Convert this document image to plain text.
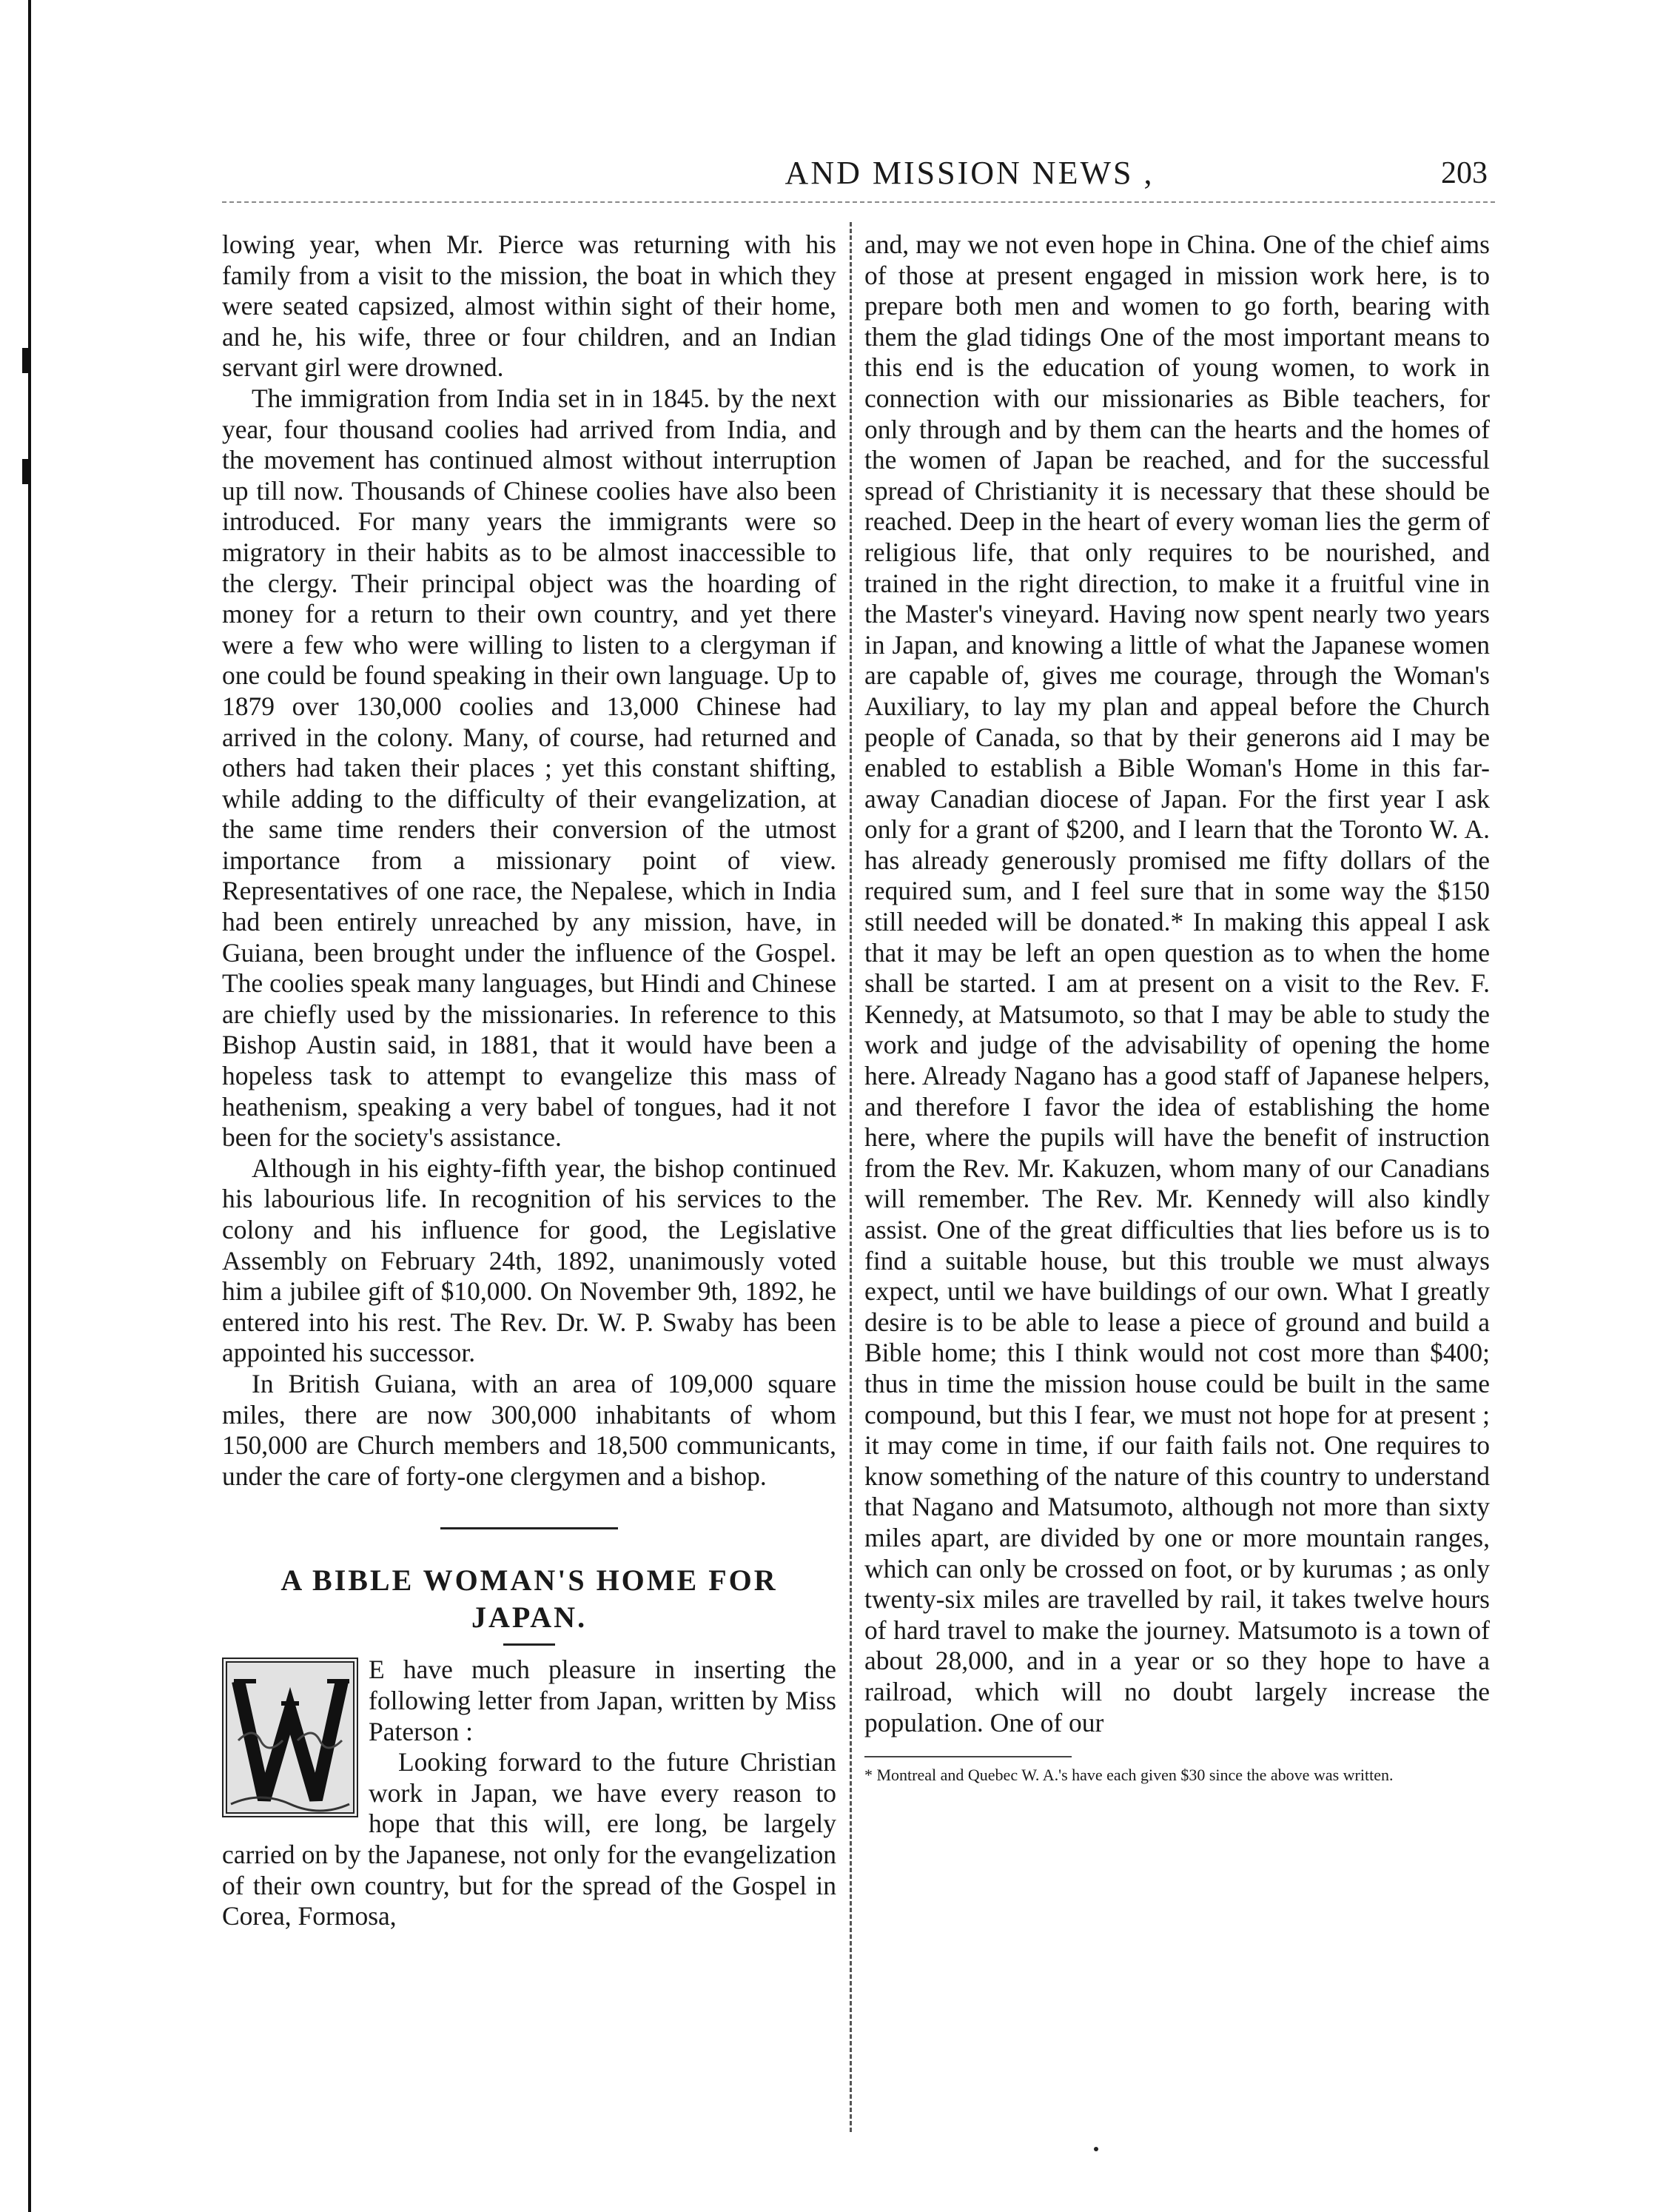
AND MISSION NEWS ,	203

lowing year, when Mr. Pierce was returning with his family from a visit to the mission, the boat in which they were seated capsized, almost within sight of their home, and he, his wife, three or four children, and an Indian servant girl were drowned.

The immigration from India set in in 1845. by the next year, four thousand coolies had arrived from India, and the movement has continued almost without interruption up till now. Thousands of Chinese coolies have also been introduced. For many years the immigrants were so migratory in their habits as to be almost inaccessible to the clergy. Their principal object was the hoarding of money for a return to their own country, and yet there were a few who were willing to listen to a clergyman if one could be found speaking in their own language. Up to 1879 over 130,000 coolies and 13,000 Chinese had arrived in the colony. Many, of course, had returned and others had taken their places ; yet this constant shifting, while adding to the difficulty of their evangelization, at the same time renders their conversion of the utmost importance from a missionary point of view. Representatives of one race, the Nepalese, which in India had been entirely unreached by any mission, have, in Guiana, been brought under the influence of the Gospel. The coolies speak many languages, but Hindi and Chinese are chiefly used by the missionaries. In reference to this Bishop Austin said, in 1881, that it would have been a hopeless task to attempt to evangelize this mass of heathenism, speaking a very babel of tongues, had it not been for the society's assistance.

Although in his eighty-fifth year, the bishop continued his labourious life. In recognition of his services to the colony and his influence for good, the Legislative Assembly on February 24th, 1892, unanimously voted him a jubilee gift of $10,000. On November 9th, 1892, he entered into his rest. The Rev. Dr. W. P. Swaby has been appointed his successor.

In British Guiana, with an area of 109,000 square miles, there are now 300,000 inhabitants of whom 150,000 are Church members and 18,500 communicants, under the care of forty-one clergymen and a bishop.

A BIBLE WOMAN'S HOME FOR
JAPAN.

E have much pleasure in inserting the following letter from Japan, written by Miss Paterson :

Looking forward to the future Christian work in Japan, we have every reason to hope that this will, ere long, be largely carried on by the Japanese, not only for the evangelization of their own country, but for the spread of the Gospel in Corea, Formosa,

and, may we not even hope in China. One of the chief aims of those at present engaged in mission work here, is to prepare both men and women to go forth, bearing with them the glad tidings One of the most important means to this end is the education of young women, to work in connection with our missionaries as Bible teachers, for only through and by them can the hearts and the homes of the women of Japan be reached, and for the successful spread of Christianity it is necessary that these should be reached. Deep in the heart of every woman lies the germ of religious life, that only requires to be nourished, and trained in the right direction, to make it a fruitful vine in the Master's vineyard. Having now spent nearly two years in Japan, and knowing a little of what the Japanese women are capable of, gives me courage, through the Woman's Auxiliary, to lay my plan and appeal before the Church people of Canada, so that by their generons aid I may be enabled to establish a Bible Woman's Home in this far-away Canadian diocese of Japan. For the first year I ask only for a grant of $200, and I learn that the Toronto W. A. has already generously promised me fifty dollars of the required sum, and I feel sure that in some way the $150 still needed will be donated.* In making this appeal I ask that it may be left an open question as to when the home shall be started. I am at present on a visit to the Rev. F. Kennedy, at Matsumoto, so that I may be able to study the work and judge of the advisability of opening the home here. Already Nagano has a good staff of Japanese helpers, and therefore I favor the idea of establishing the home here, where the pupils will have the benefit of instruction from the Rev. Mr. Kakuzen, whom many of our Canadians will remember. The Rev. Mr. Kennedy will also kindly assist. One of the great difficulties that lies before us is to find a suitable house, but this trouble we must always expect, until we have buildings of our own. What I greatly desire is to be able to lease a piece of ground and build a Bible home; this I think would not cost more than $400; thus in time the mission house could be built in the same compound, but this I fear, we must not hope for at present ; it may come in time, if our faith fails not. One requires to know something of the nature of this country to understand that Nagano and Matsumoto, although not more than sixty miles apart, are divided by one or more mountain ranges, which can only be crossed on foot, or by kurumas ; as only twenty-six miles are travelled by rail, it takes twelve hours of hard travel to make the journey. Matsumoto is a town of about 28,000, and in a year or so they hope to have a railroad, which will no doubt largely increase the population. One of our

* Montreal and Quebec W. A.'s have each given $30 since the above was written.
